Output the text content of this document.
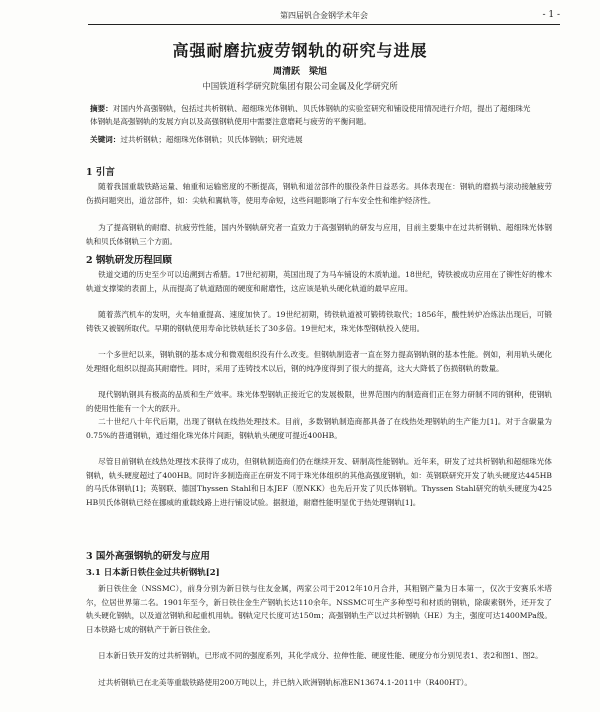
第四届钒合金钢学术年会	- 1 -
高强耐磨抗疲劳钢轨的研究与进展
周清跃　梁旭
中国铁道科学研究院集团有限公司金属及化学研究所
摘要：对国内外高强钢轨，包括过共析钢轨、超细珠光体钢轨、贝氏体钢轨的实验室研究和铺设使用情况进行介绍，提出了超细珠光体钢轨是高强钢轨的发展方向以及高强钢轨使用中需要注意磨耗与疲劳的平衡问题。
关键词：过共析钢轨；超细珠光体钢轨；贝氏体钢轨；研究进展
1 引言
随着我国重载铁路运量、轴重和运输密度的不断提高，钢轨和道岔部件的服役条件日益恶劣。具体表现在：钢轨的磨损与滚动接触疲劳伤损问题突出，道岔部件，如：尖轨和翼轨等，使用寿命短，这些问题影响了行车安全性和维护经济性。
为了提高钢轨的耐磨、抗疲劳性能，国内外钢轨研究者一直致力于高强钢轨的研发与应用，目前主要集中在过共析钢轨、超细珠光体钢轨和贝氏体钢轨三个方面。
2 钢轨研发历程回顾
铁道交通的历史至少可以追溯到古希腊。17世纪初期，英国出现了为马车铺设的木质轨道。18世纪，铸铁被成功应用在了铆性好的橡木轨道支撑梁的表面上，从而提高了轨道踏面的硬度和耐磨性，这应该是轨头硬化轨道的最早应用。
随着蒸汽机车的发明，火车轴重提高、速度加快了。19世纪初期，铸铁轨道被可锻铸铁取代；1856年，酸性转炉冶炼法出现后，可锻铸铁又被钢所取代。早期的钢轨使用寿命比铁轨延长了30多倍。19世纪末，珠光体型钢轨投入使用。
一个多世纪以来，钢轨钢的基本成分和微观组织没有什么改变。但钢轨制造者一直在努力提高钢轨钢的基本性能。例如，利用轨头硬化处理细化组织以提高其耐磨性。同时，采用了连铸技术以后，钢的纯净度得到了很大的提高，这大大降低了伤损钢轨的数量。
现代钢轨钢具有极高的品质和生产效率。珠光体型钢轨正接近它的发展极限，世界范围内的制造商们正在努力研制不同的钢种，使钢轨的使用性能有一个大的跃升。
二十世纪八十年代后期，出现了钢轨在线热处理技术。目前，多数钢轨制造商都具备了在线热处理钢轨的生产能力[1]。对于含碳量为0.75%的普通钢轨，通过细化珠光体片间距，钢轨轨头硬度可提近400HB。
尽管目前钢轨在线热处理技术获得了成功，但钢轨制造商们仍在继续开发、研制高性能钢轨。近年来，研发了过共析钢轨和超细珠光体钢轨，轨头硬度超过了400HB。同时许多制造商正在研发不同于珠光体组织的其他高强度钢轨，如：英钢联研究开发了轨头硬度达445HB的马氏体钢轨[1]；英钢联、德国Thyssen Stahl和日本JEF（原NKK）也先后开发了贝氏体钢轨。Thyssen Stahl研究的轨头硬度为425 HB贝氏体钢轨已经在挪威的重载线路上进行铺设试验。据报道，耐磨性能明显优于热处理钢轨[1]。
3 国外高强钢轨的研发与应用
3.1 日本新日铁住金过共析钢轨[2]
新日铁住金（NSSMC），前身分别为新日铁与住友金属，两家公司于2012年10月合并，其粗钢产量为日本第一，仅次于安赛乐米塔尔，位居世界第二名。1901年至今，新日铁住金生产钢轨长达110余年。NSSMC可生产多种型号和材质的钢轨，除碳素钢外，还开发了轨头硬化钢轨，以及道岔钢轨和起重机用轨。钢轨定尺长度可达150m；高强钢轨生产以过共析钢轨（HE）为主，强度可达1400MPa级。日本铁路七成的钢轨产于新日铁住金。
日本新日铁开发的过共析钢轨，已形成不同的强度系列，其化学成分、拉伸性能、硬度性能、硬度分布分别见表1、表2和图1、图2。
过共析钢轨已在北美等重载铁路使用200万吨以上，并已纳入欧洲钢轨标准EN13674.1-2011中（R400HT）。
